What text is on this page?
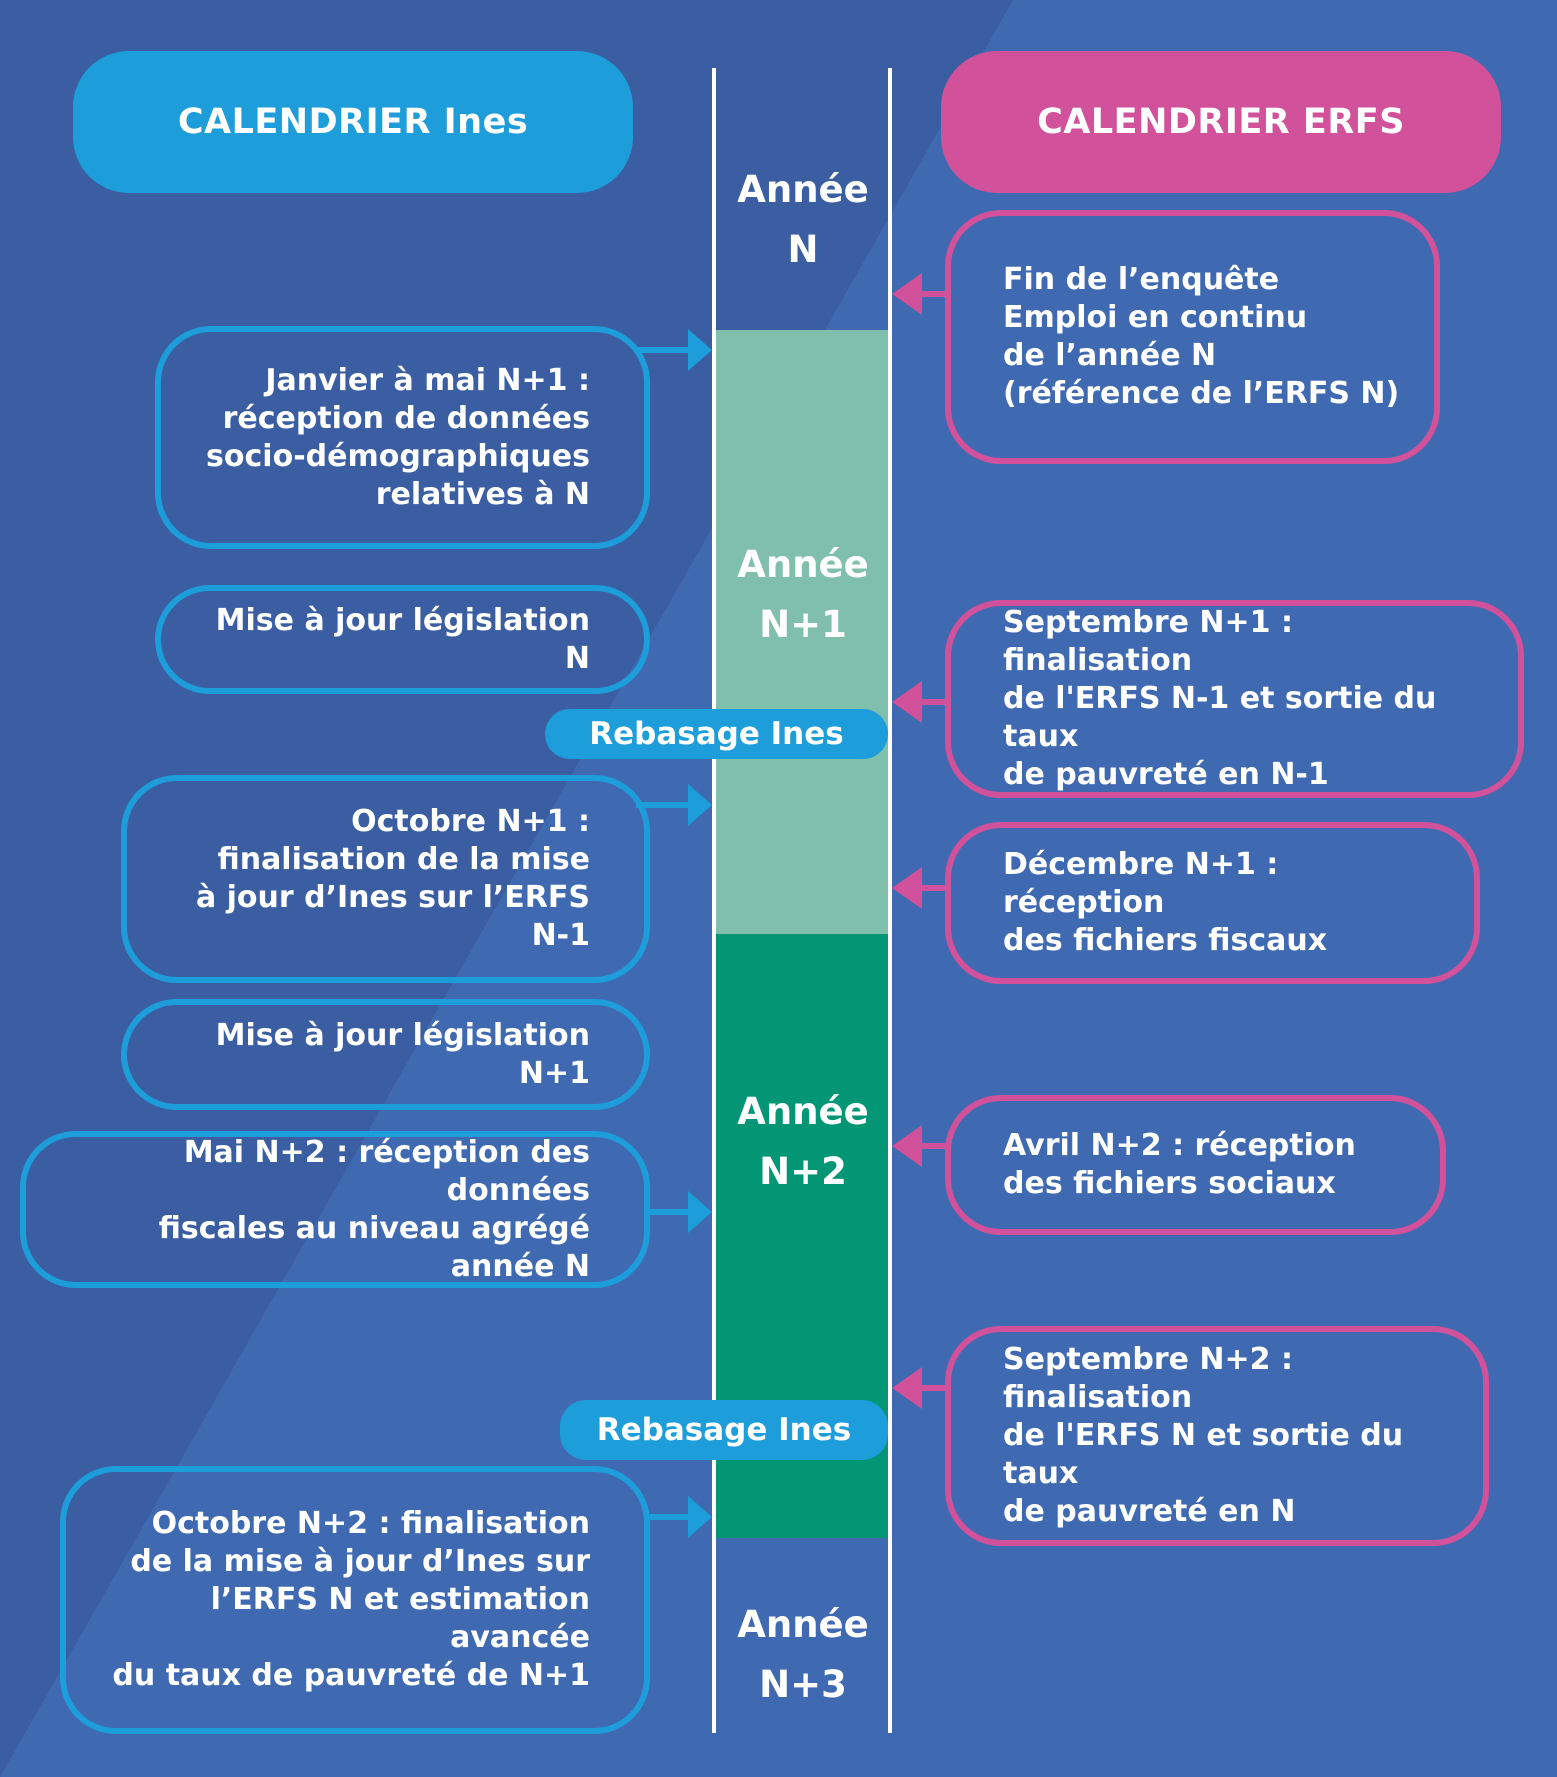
CALENDRIER Ines	CALENDRIER ERFS
Année
N
Année
N+1
Année
N+2
Année
N+3
Janvier à mai N+1 :
réception de données
socio-démographiques
relatives à N
Mise à jour législation N
Octobre N+1 :
finalisation de la mise
à jour d’Ines sur l’ERFS N-1
Mise à jour législation N+1
Mai N+2 : réception des données
fiscales au niveau agrégé année N
Octobre N+2 : finalisation
de la mise à jour d’Ines sur
l’ERFS N et estimation avancée
du taux de pauvreté de N+1
Fin de l’enquête
Emploi en continu
de l’année N
(référence de l’ERFS N)
Septembre N+1 : finalisation
de l'ERFS N-1 et sortie du taux
de pauvreté en N-1
Décembre N+1 : réception
des fichiers fiscaux
Avril N+2 : réception
des fichiers sociaux
Septembre N+2 : finalisation
de l'ERFS N et sortie du taux
de pauvreté en N
Rebasage Ines
Rebasage Ines
